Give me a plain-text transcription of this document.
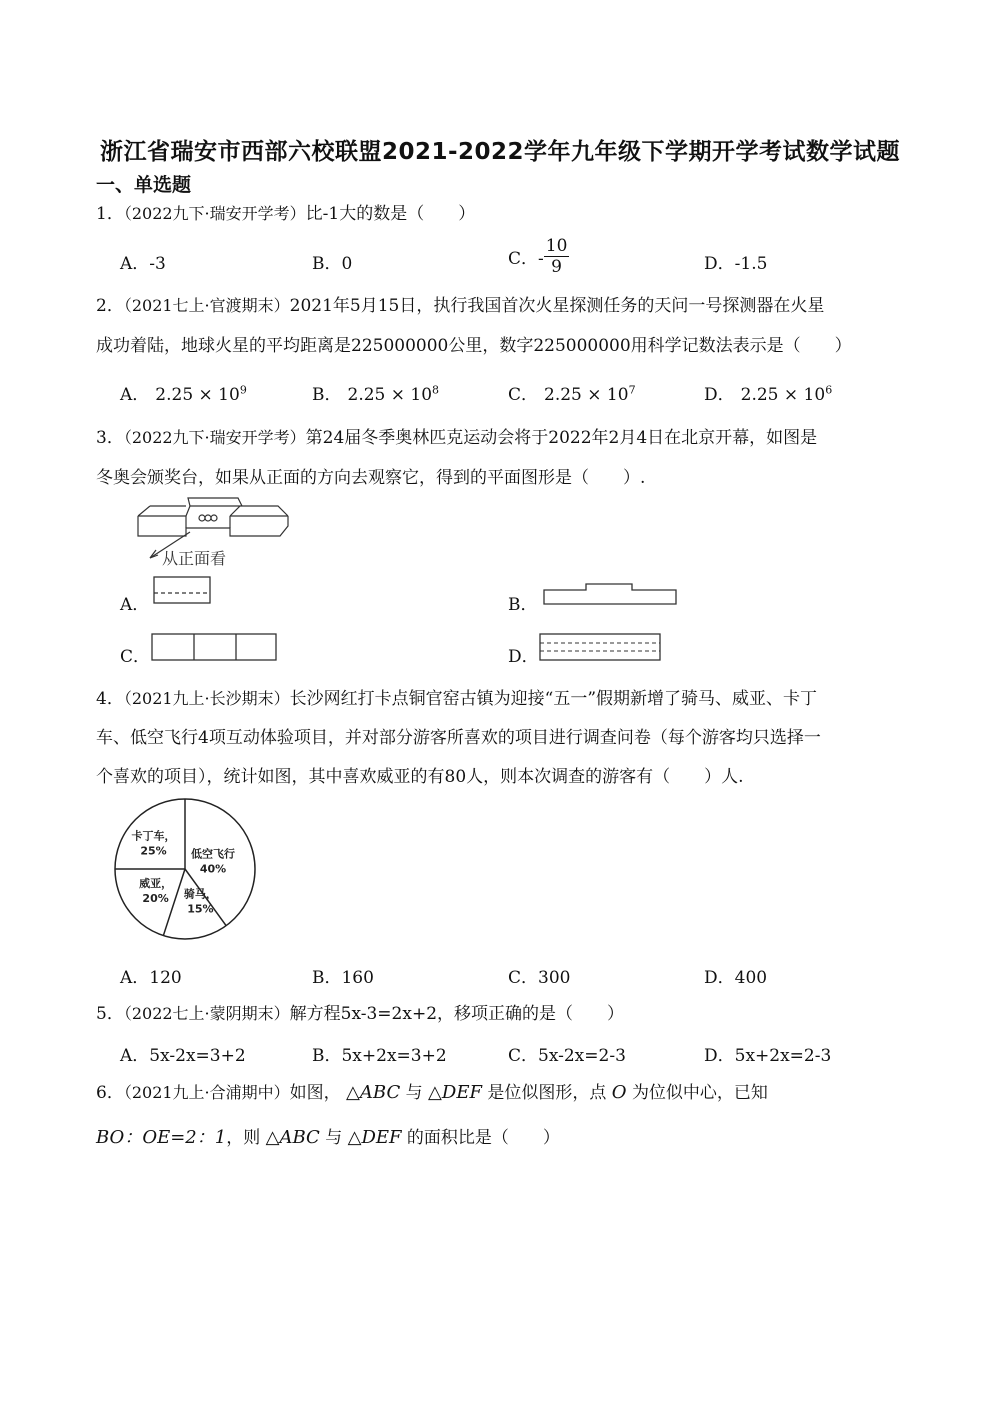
浙江省瑞安市西部六校联盟2021-2022学年九年级下学期开学考试数学试题
一、单选题
1．（2022九下·瑞安开学考）比-1大的数是（　　）
A．-3	B．0	C．- $\frac{10}{9}$	D．-1.5
2．（2021七上·官渡期末）2021年5月15日，执行我国首次火星探测任务的天问一号探测器在火星
成功着陆，地球火星的平均距离是225000000公里，数字225000000用科学记数法表示是（　　）
A． $2.25 \times 10^9$	B． $2.25 \times 10^8$	C． $2.25 \times 10^7$	D． $2.25 \times 10^6$
3．（2022九下·瑞安开学考）第24届冬季奥林匹克运动会将于2022年2月4日在北京开幕，如图是
冬奥会颁奖台，如果从正面的方向去观察它，得到的平面图形是（　　）.
从正面看
A．	B．
C．	D．
4．（2021九上·长沙期末）长沙网红打卡点铜官窑古镇为迎接“五一”假期新增了骑马、威亚、卡丁
车、低空飞行4项互动体验项目，并对部分游客所喜欢的项目进行调查问卷（每个游客均只选择一
个喜欢的项目），统计如图，其中喜欢威亚的有80人，则本次调查的游客有（　　）人.
低空飞行
40%
骑马，
15%
威亚，
20%
卡丁车，
25%
A．120	B．160	C．300	D．400
5．（2022七上·蒙阴期末）解方程5x-3=2x+2，移项正确的是（　　）
A．5x-2x=3+2	B．5x+2x=3+2	C．5x-2x=2-3	D．5x+2x=2-3
6．（2021九上·合浦期中）如图， △ABC 与 △DEF 是位似图形，点 O 为位似中心，已知
BO：OE=2：1，则 △ABC 与 △DEF 的面积比是（　　）
